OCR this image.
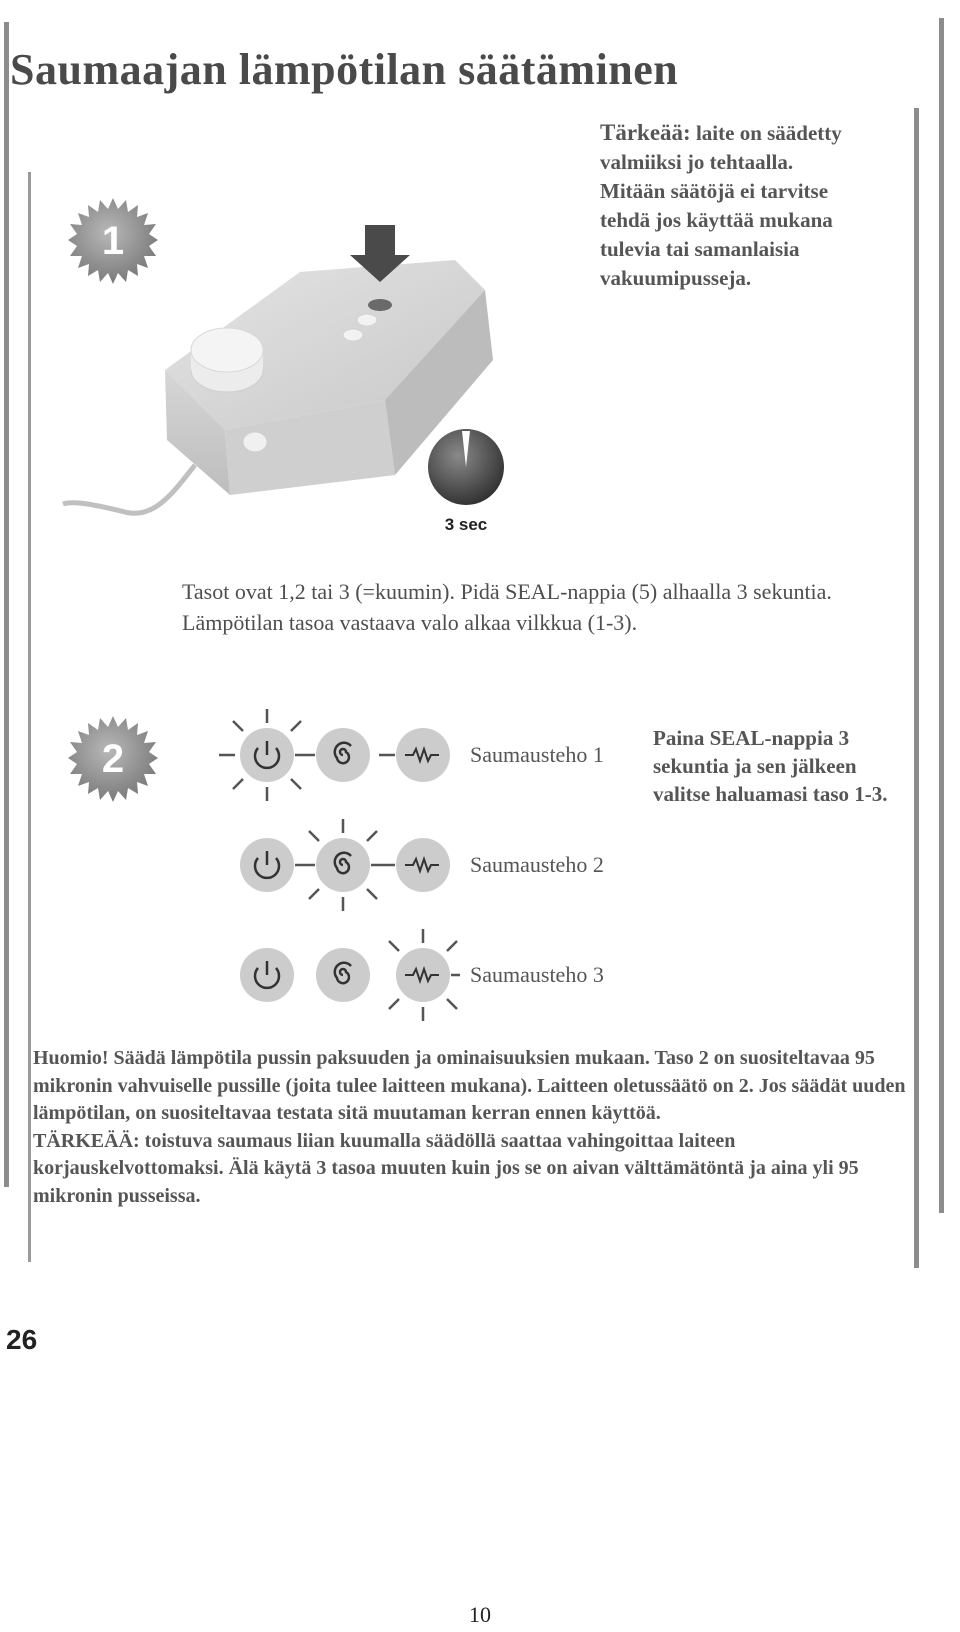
Saumaajan lämpötilan säätäminen
Tärkeää: laite on säädetty valmiiksi jo tehtaalla. Mitään säätöjä ei tarvitse tehdä jos käyttää mukana tulevia tai samanlaisia vakuumipusseja.
1
3 sec
Tasot ovat 1,2 tai 3 (=kuumin). Pidä SEAL-nappia (5) alhaalla 3 sekuntia. Lämpötilan tasoa vastaava valo alkaa vilkkua (1-3).
2	Saumausteho 1
Saumausteho 2
Saumausteho 3
Paina SEAL-nappia 3 sekuntia ja sen jälkeen valitse haluamasi taso 1-3.

Huomio! Säädä lämpötila pussin paksuuden ja ominaisuuksien mukaan. Taso 2 on suositeltavaa 95 mikronin vahvuiselle pussille (joita tulee laitteen mukana). Laitteen oletussäätö on 2. Jos säädät uuden lämpötilan, on suositeltavaa testata sitä muutaman kerran ennen käyttöä.

TÄRKEÄÄ: toistuva saumaus liian kuumalla säädöllä saattaa vahingoittaa laiteen korjauskelvottomaksi. Älä käytä 3 tasoa muuten kuin jos se on aivan välttämätöntä ja aina yli 95 mikronin pusseissa.

26
10
